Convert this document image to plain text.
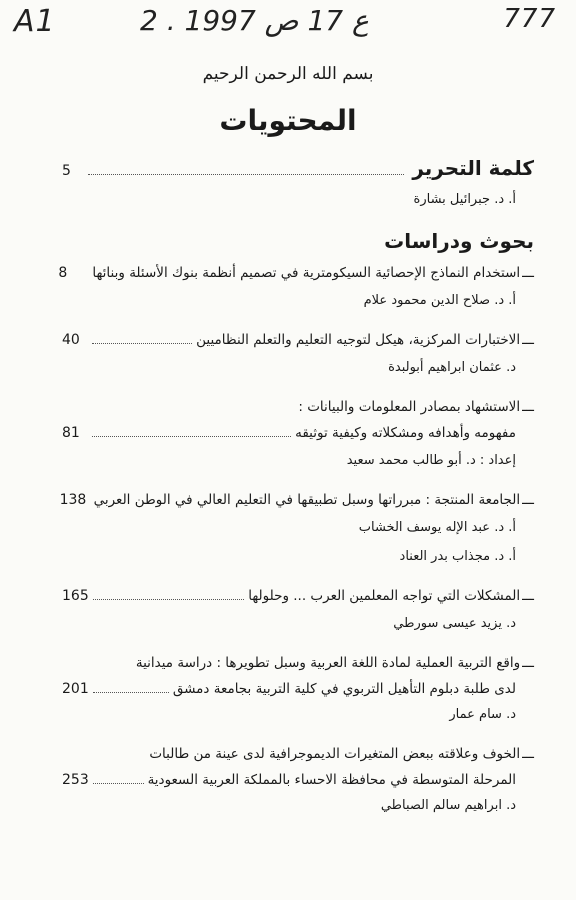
A1	2 . ع 17 ص 1997	777
بسم الله الرحمن الرحيم
المحتويات
كلمة التحرير
5
أ. د. جبرائيل بشارة
بحوث ودراسات
ـــ
استخدام النماذج الإحصائية السيكومترية في تصميم أنظمة بنوك الأسئلة وبنائها
8
أ. د. صلاح الدين محمود علام
ـــ
الاختبارات المركزية، هيكل لتوجيه التعليم والتعلم النظاميين
40
د. عثمان ابراهيم أبولبدة
ـــ
الاستشهاد بمصادر المعلومات والبيانات :
مفهومه وأهدافه ومشكلاته وكيفية توثيقه
81
إعداد : د. أبو طالب محمد سعيد
ـــ
الجامعة المنتجة : مبرراتها وسبل تطبيقها في التعليم العالي في الوطن العربي
138
أ. د. عبد الإله يوسف الخشاب
أ. د. مجذاب بدر العناد
ـــ
المشكلات التي تواجه المعلمين العرب ... وحلولها
165
د. يزيد عيسى سورطي
ـــ
واقع التربية العملية لمادة اللغة العربية وسبل تطويرها : دراسة ميدانية
لدى طلبة دبلوم التأهيل التربوي في كلية التربية بجامعة دمشق
201
د. سام عمار
ـــ
الخوف وعلاقته ببعض المتغيرات الديموجرافية لدى عينة من طالبات
المرحلة المتوسطة في محافظة الاحساء بالمملكة العربية السعودية
253
د. ابراهيم سالم الصباطي
